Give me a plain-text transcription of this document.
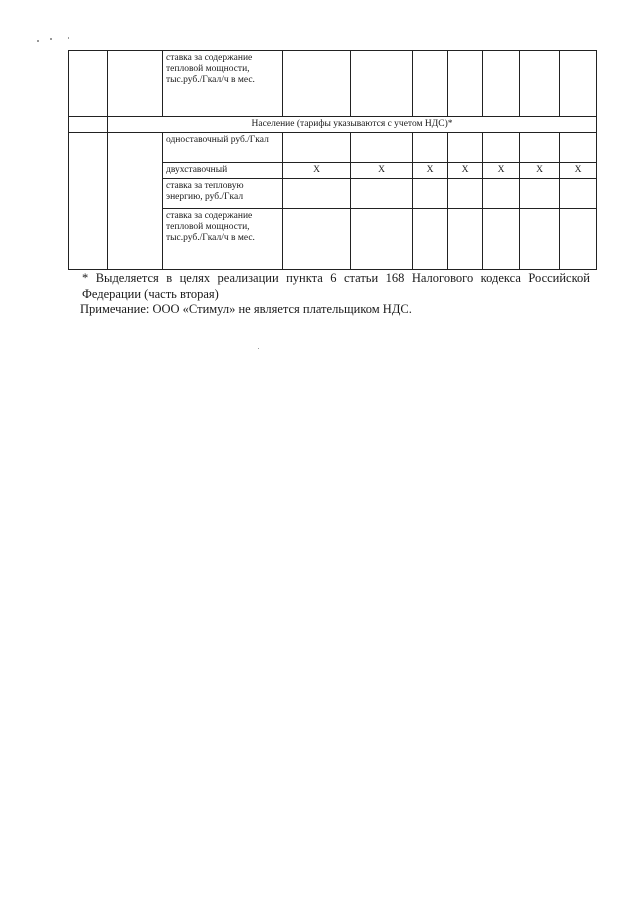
		ставка за содержание тепловой мощности, тыс.руб./Гкал/ч в мес.							
	Население (тарифы указываются с учетом НДС)*								
		одноставочный руб./Гкал							
		двухставочный	Х	Х	Х	Х	Х	Х	Х
		ставка за тепловую энергию, руб./Гкал							
		ставка за содержание тепловой мощности, тыс.руб./Гкал/ч в мес.							
* Выделяется в целях реализации пункта 6 статьи 168 Налогового кодекса Российской
Федерации (часть вторая)
Примечание: ООО «Стимул» не является плательщиком НДС.
